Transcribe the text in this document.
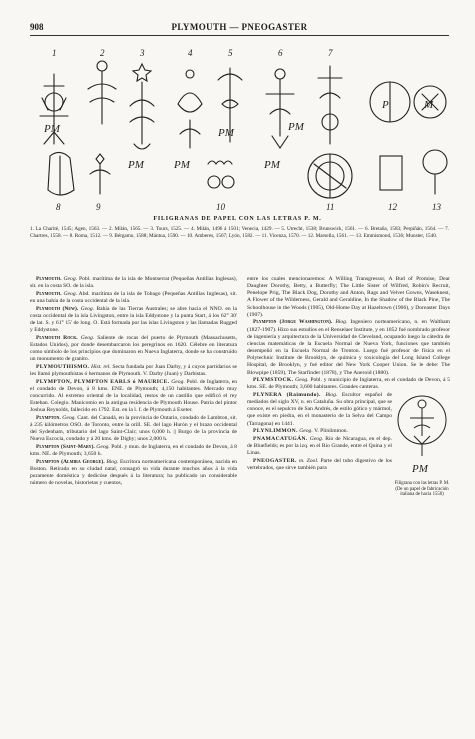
908	PLYMOUTH — PNEOGASTER
1	2	3	4	5	6	7
8	9	10	11	12	13
PM
PM	PM
PM
PM
PM
P	M
FILIGRANAS DE PAPEL CON LAS LETRAS P. M.
1. La Charité, 1545; Agen, 1563. — 2. Milán, 1565. — 3. Tours, 1525. — 4. Milán, 1496 á 1501; Venecia, 1429. — 5. Utrecht, 1538; Brunswick, 1561. — 6. Bretaña, 1583; Perpiñán, 1564. — 7. Chartres, 1558. — 8. Roma, 1512. — 9. Bérgamo, 1588; Mántua, 1590. — 10. Amberes, 1567; Lyón, 1582. — 11. Vicenza, 1570. — 12. Marsella, 1561. — 13. Emmismond, 1536; Munster, 1540.

Plymouth. Geog. Pobl. marítima de la isla de Montserrat (Pequeñas Antillas Inglesas), sit. en la costa SO. de la isla.

Plymouth. Geog. Abd. marítima de la isla de Tobago (Pequeñas Antillas Inglesas), sit. en una bahía de la costa occidental de la isla.

Plymouth (New). Geog. Bahía de las Tierras Australes; se abre hacia el NNO. en la costa occidental de la isla Livingston, entre la isla Eddystone y la punta Start, á los 62° 30' de lat. S. y 61° 15' de long. O. Está formada por las islas Livingston y las llamadas Rugged y Eddystone.

Plymouth Rock. Geog. Saliente de rocas del puerto de Plymouth (Massachusetts, Estados Unidos), por donde desembarcaron los peregrinos en 1620. Célebre en literatura como símbolo de los principios que dominaron en Nueva Inglaterra, donde se ha construído un monumento de granito.

PLYMOUTHISMO. Hist. rel. Secta fundada por Juan Darby, y á cuyos partidarios se les llamó plymouthistas ó hermanos de Plymouth. V. Darby (Juan) y Darbistas.

PLYMPTON, PLYMPTON EARLS ó MAURICE. Geog. Pobl. de Inglaterra, en el condado de Devon, á 8 kms. ENE. de Plymouth; 4,150 habitantes. Mercado muy concurrido. Al extremo oriental de la localidad, restos de un castillo que edificó el rey Esteban. Colegio. Manicomio en la antigua residencia de Plymouth House. Patria del pintor Joshua Reynolds, fallecido en 1792. Est. en la l. f. de Plymouth á Exeter.

Plympton. Geog. Cant. del Canadá, en la provincia de Ontario, condado de Lambton, sit. á 235 kilómetros OSO. de Toronto, entre la orill. SE. del lago Hurón y el brazo occidental del Sydenham, tributario del lago Saint-Clair; unos 6,000 h. || Burgo de la provincia de Nueva Escocia, condado y á 20 kms. de Digby; unos 2,000 h.

Plympton (Saint-Mary). Geog. Pobl. y mun. de Inglaterra, en el condado de Devon, á 8 kms. NE. de Plymouth; 3,650 h.

Plympton (Almira George). Biog. Escritora norteamericana contemporánea, nacida en Boston. Retirada en su ciudad natal, consagró su vida durante muchos años á la vida puramente doméstica y dedicóse después á la literatura; ha publicado un considerable número de novelas, historietas y cuentos,

entre los cuales mencionaremos: A Willing Transgressor, A Bud of Promise, Dear Daughter Dorothy, Betty, a Butterfly; The Little Sister of Wilfred, Robin's Recruit, Penelope Prig, The Black Dog, Dorothy and Anton, Rags and Velvet Gowns, Waseknest, A Flower of the Wilderness, Gerald and Geraldine, In the Shadow of the Black Pine, The Schoolhouse in the Woods (1905), Old-Home Day at Hazeltown (1906), y Doreaster Days (1907).

Plympton (Jorge Washington). Biog. Ingeniero norteamericano, n. en Waltham (1827-1907). Hizo sus estudios en el Renselaer Institute, y en 1852 fué nombrado profesor de ingeniería y arquitectura de la Universidad de Cleveland, ocupando luego la cátedra de ciencias matemáticas de la Escuela Normal de Nueva York, funciones que también desempeñó en la Escuela Normal de Trenton. Luego fué profesor de física en el Polytechnic Institute de Brooklyn, de química y toxicología del Long Island College Hospital, de Brooklyn, y fué editor del New York Cooper Union. Se le debe: The Blowpipe (1859), The Starfinder (1878), y The Aneroid (1880).

PLYMSTOCK. Geog. Pobl. y municipio de Inglaterra, en el condado de Devon, á 5 kms. SE. de Plymouth; 3,600 habitantes. Grandes canteras.

PM
Filigrana con las letras P. M. (De un papel de fabricación italiana de hacia 1550)

PLYNERA (Raimundo). Biog. Escultor español de mediados del siglo XV, n. en Cataluña. Su obra principal, que se conoce, es el sepulcro de San Andrés, de estilo gótico y mármol, que existe en piedra, en el monasterio de la Selva del Campo (Tarragona) en 1441.

PLYNLIMMON. Geog. V. Plinlimmon.

PNAMACATUGÁN. Geog. Río de Nicaragua, en el dep. de Bluefields; es por la izq. en el Río Grande, entre el Quina y el Linas.

PNEOGASTER. m. Zool. Parte del tubo digestivo de los vertebrados, que sirve también para
